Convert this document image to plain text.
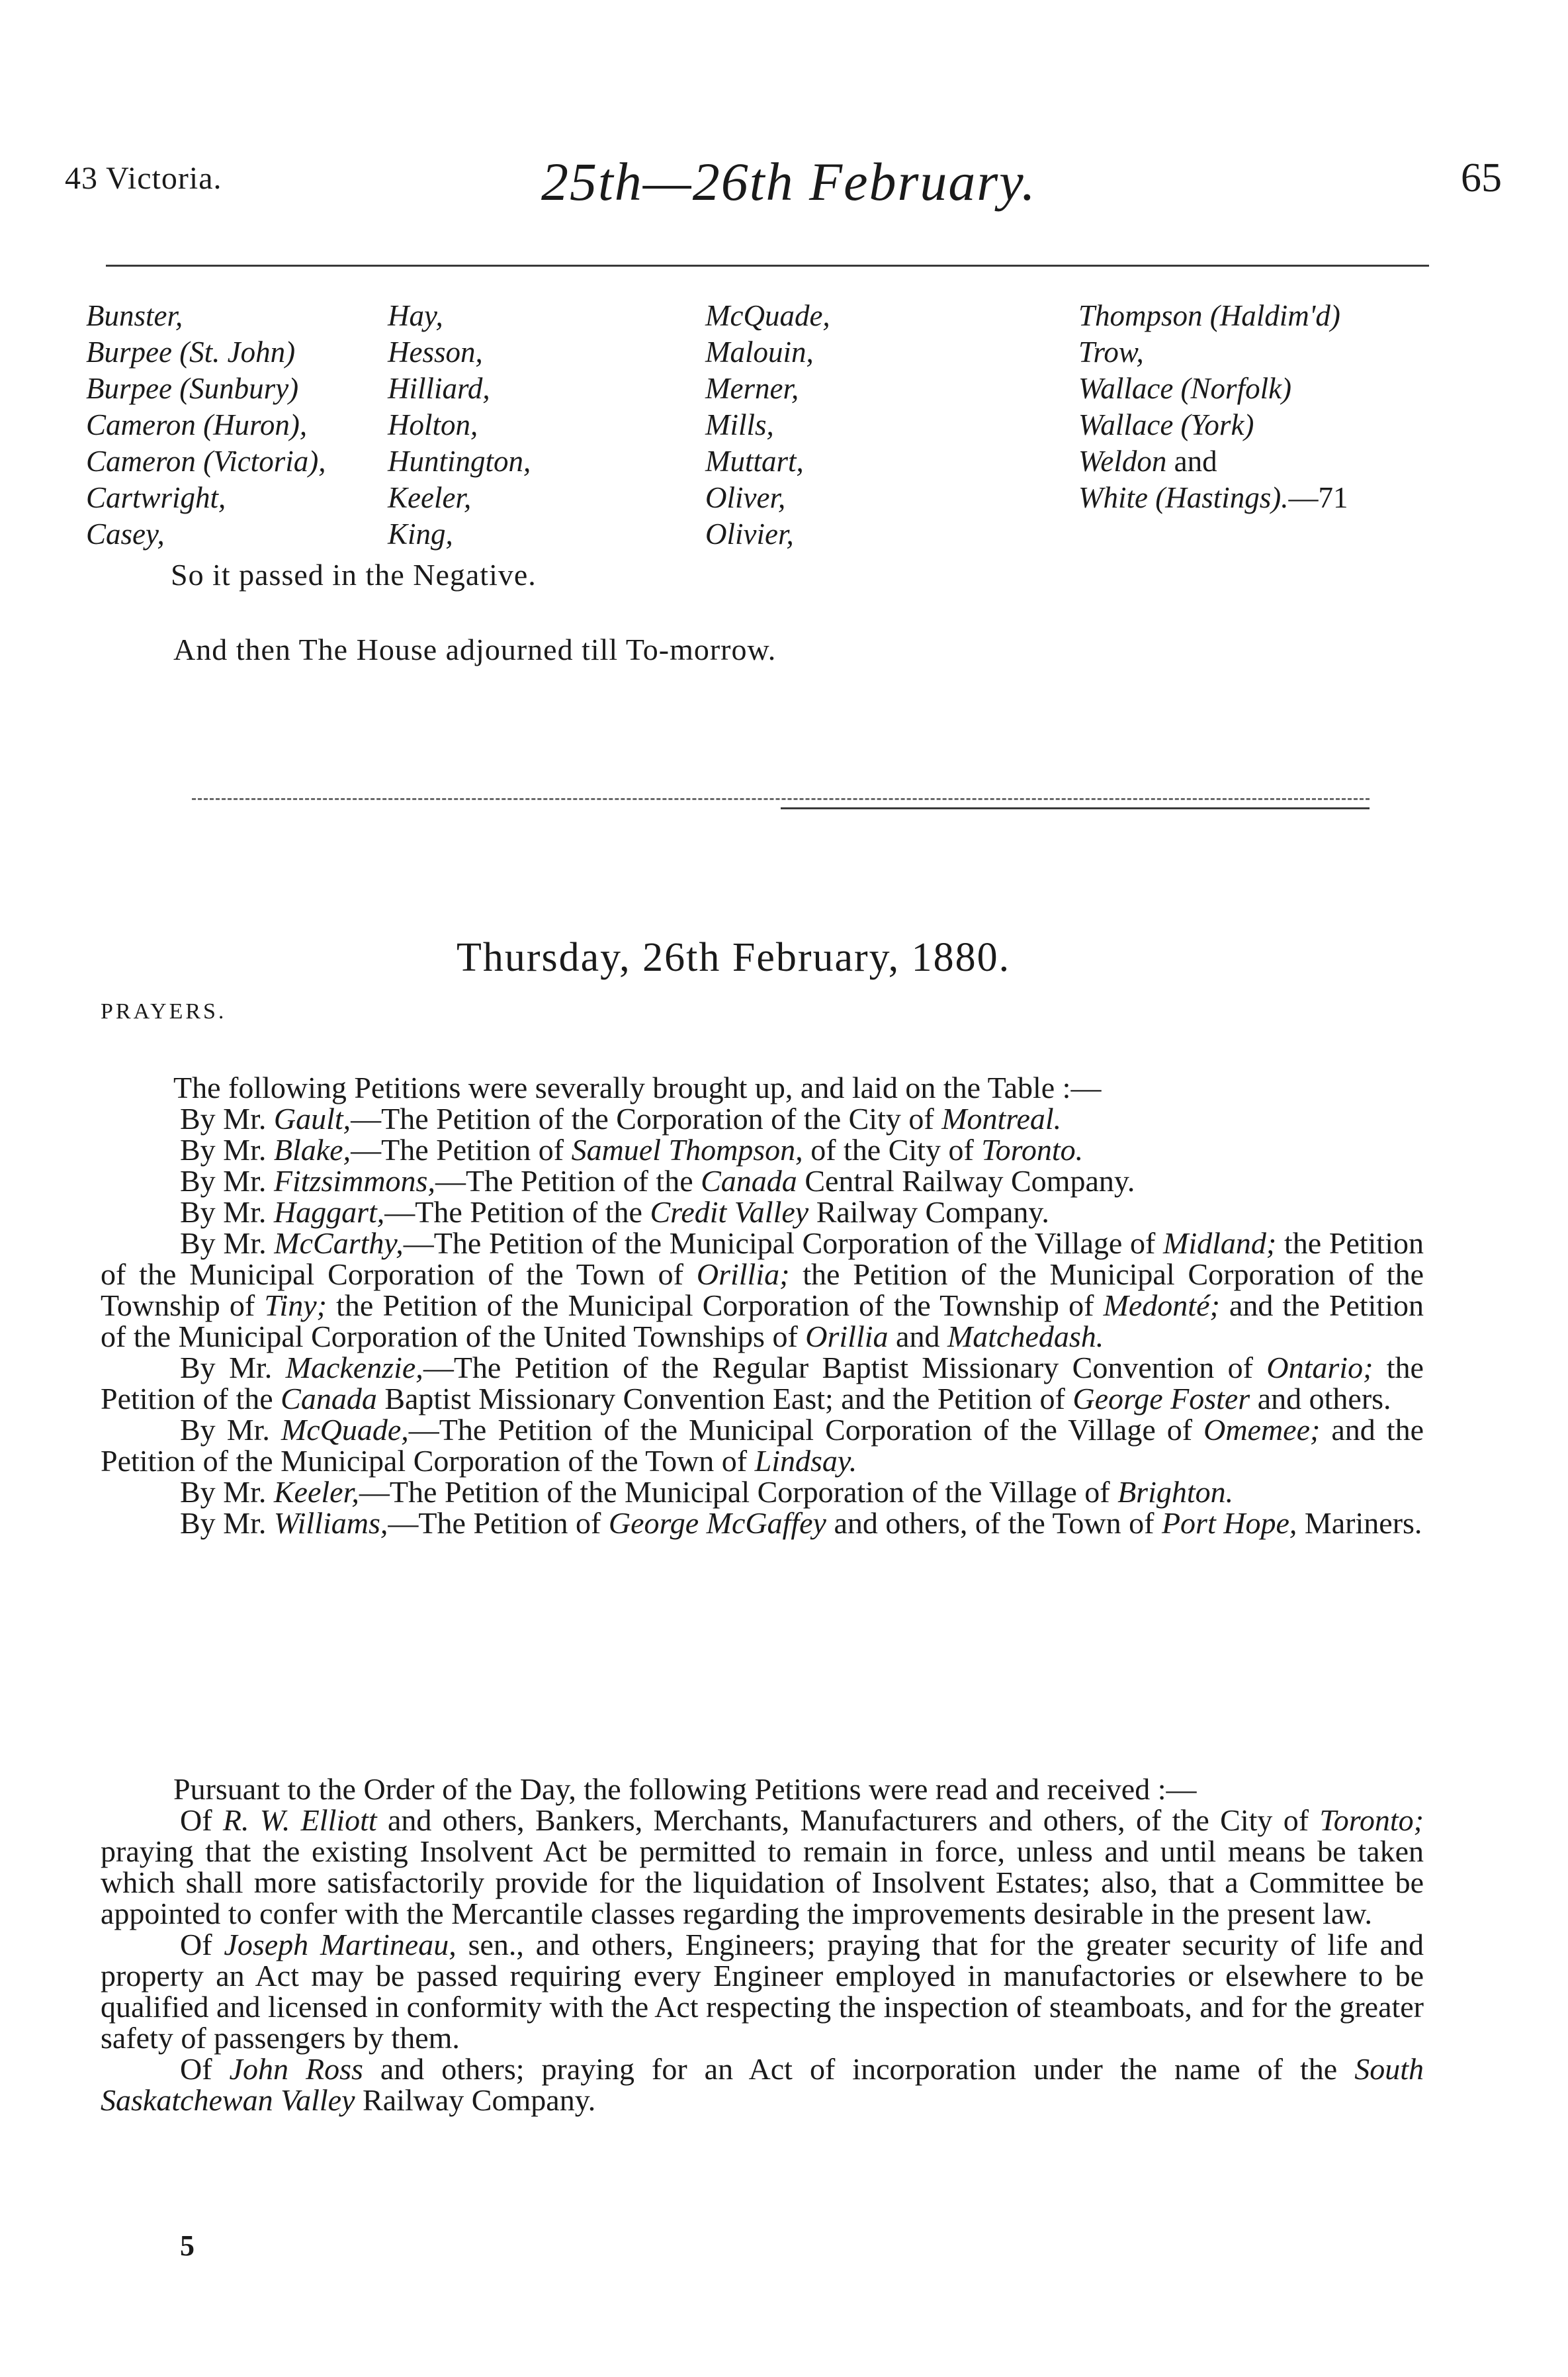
43 Victoria.	25th—26th February.	65
Bunster,
Burpee (St. John)
Burpee (Sunbury)
Cameron (Huron),
Cameron (Victoria),
Cartwright,
Casey,
Hay,
Hesson,
Hilliard,
Holton,
Huntington,
Keeler,
King,
McQuade,
Malouin,
Merner,
Mills,
Muttart,
Oliver,
Olivier,
Thompson (Haldim'd)
Trow,
Wallace (Norfolk)
Wallace (York)
Weldon and
White (Hastings).—71
So it passed in the Negative.
And then The House adjourned till To-morrow.
Thursday, 26th February, 1880.
PRAYERS.

The following Petitions were severally brought up, and laid on the Table :—

By Mr. Gault,—The Petition of the Corporation of the City of Montreal.

By Mr. Blake,—The Petition of Samuel Thompson, of the City of Toronto.

By Mr. Fitzsimmons,—The Petition of the Canada Central Railway Company.

By Mr. Haggart,—The Petition of the Credit Valley Railway Company.

By Mr. McCarthy,—The Petition of the Municipal Corporation of the Village of Midland; the Petition of the Municipal Corporation of the Town of Orillia; the Petition of the Municipal Corporation of the Township of Tiny; the Petition of the Municipal Corporation of the Township of Medonté; and the Petition of the Municipal Corporation of the United Townships of Orillia and Matchedash.

By Mr. Mackenzie,—The Petition of the Regular Baptist Missionary Convention of Ontario; the Petition of the Canada Baptist Missionary Convention East; and the Petition of George Foster and others.

By Mr. McQuade,—The Petition of the Municipal Corporation of the Village of Omemee; and the Petition of the Municipal Corporation of the Town of Lindsay.

By Mr. Keeler,—The Petition of the Municipal Corporation of the Village of Brighton.

By Mr. Williams,—The Petition of George McGaffey and others, of the Town of Port Hope, Mariners.

Pursuant to the Order of the Day, the following Petitions were read and received :—

Of R. W. Elliott and others, Bankers, Merchants, Manufacturers and others, of the City of Toronto; praying that the existing Insolvent Act be permitted to remain in force, unless and until means be taken which shall more satisfactorily provide for the liquidation of Insolvent Estates; also, that a Committee be appointed to confer with the Mercantile classes regarding the improvements desirable in the present law.

Of Joseph Martineau, sen., and others, Engineers; praying that for the greater security of life and property an Act may be passed requiring every Engineer employed in manufactories or elsewhere to be qualified and licensed in conformity with the Act respecting the inspection of steamboats, and for the greater safety of passengers by them.

Of John Ross and others; praying for an Act of incorporation under the name of the South Saskatchewan Valley Railway Company.

5
